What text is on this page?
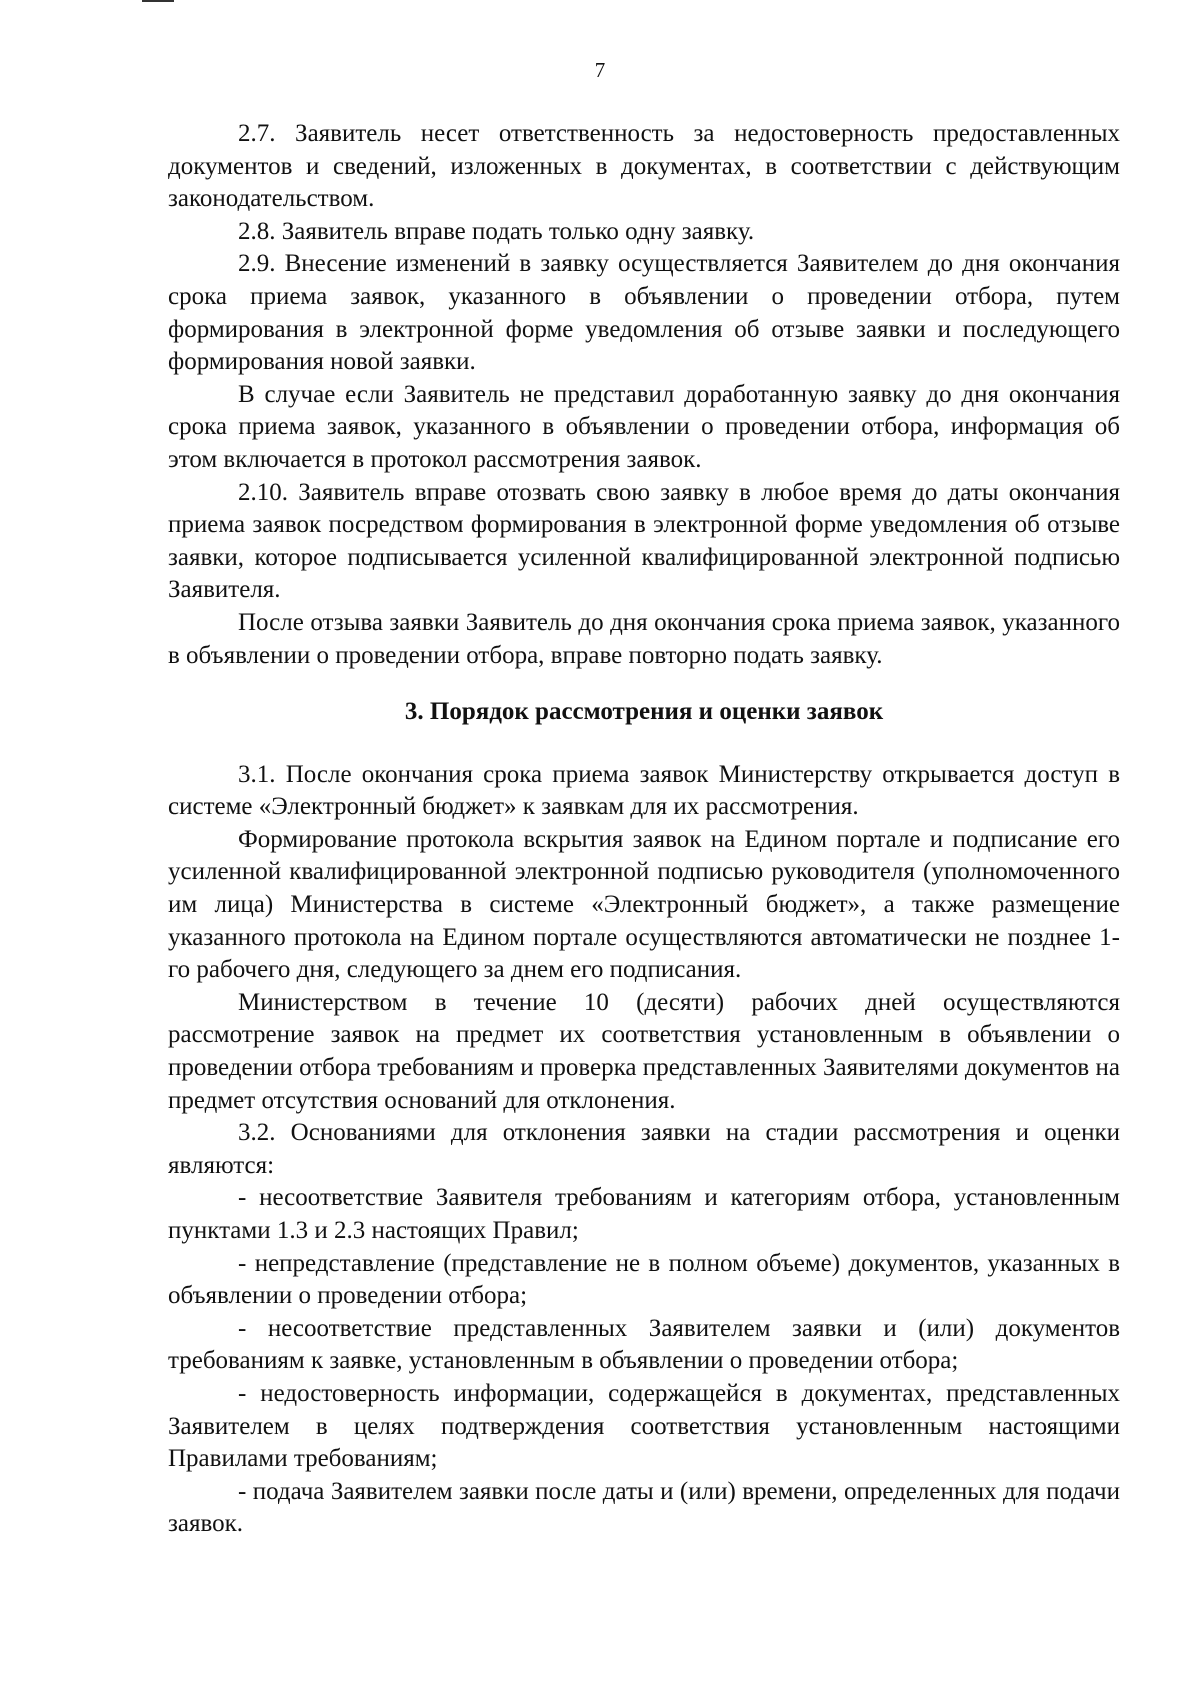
7

2.7. Заявитель несет ответственность за недостоверность предоставленных документов и сведений, изложенных в документах, в соответствии с действующим законодательством.

2.8. Заявитель вправе подать только одну заявку.

2.9. Внесение изменений в заявку осуществляется Заявителем до дня окончания срока приема заявок, указанного в объявлении о проведении отбора, путем формирования в электронной форме уведомления об отзыве заявки и последующего формирования новой заявки.

В случае если Заявитель не представил доработанную заявку до дня окончания срока приема заявок, указанного в объявлении о проведении отбора, информация об этом включается в протокол рассмотрения заявок.

2.10. Заявитель вправе отозвать свою заявку в любое время до даты окончания приема заявок посредством формирования в электронной форме уведомления об отзыве заявки, которое подписывается усиленной квалифицированной электронной подписью Заявителя.

После отзыва заявки Заявитель до дня окончания срока приема заявок, указанного в объявлении о проведении отбора, вправе повторно подать заявку.

3. Порядок рассмотрения и оценки заявок

3.1. После окончания срока приема заявок Министерству открывается доступ в системе «Электронный бюджет» к заявкам для их рассмотрения.

Формирование протокола вскрытия заявок на Едином портале и подписание его усиленной квалифицированной электронной подписью руководителя (уполномоченного им лица) Министерства в системе «Электронный бюджет», а также размещение указанного протокола на Едином портале осуществляются автоматически не позднее 1-го рабочего дня, следующего за днем его подписания.

Министерством в течение 10 (десяти) рабочих дней осуществляются рассмотрение заявок на предмет их соответствия установленным в объявлении о проведении отбора требованиям и проверка представленных Заявителями документов на предмет отсутствия оснований для отклонения.

3.2. Основаниями для отклонения заявки на стадии рассмотрения и оценки являются:

- несоответствие Заявителя требованиям и категориям отбора, установленным пунктами 1.3 и 2.3 настоящих Правил;

- непредставление (представление не в полном объеме) документов, указанных в объявлении о проведении отбора;

- несоответствие представленных Заявителем заявки и (или) документов требованиям к заявке, установленным в объявлении о проведении отбора;

- недостоверность информации, содержащейся в документах, представленных Заявителем в целях подтверждения соответствия установленным настоящими Правилами требованиям;

- подача Заявителем заявки после даты и (или) времени, определенных для подачи заявок.
